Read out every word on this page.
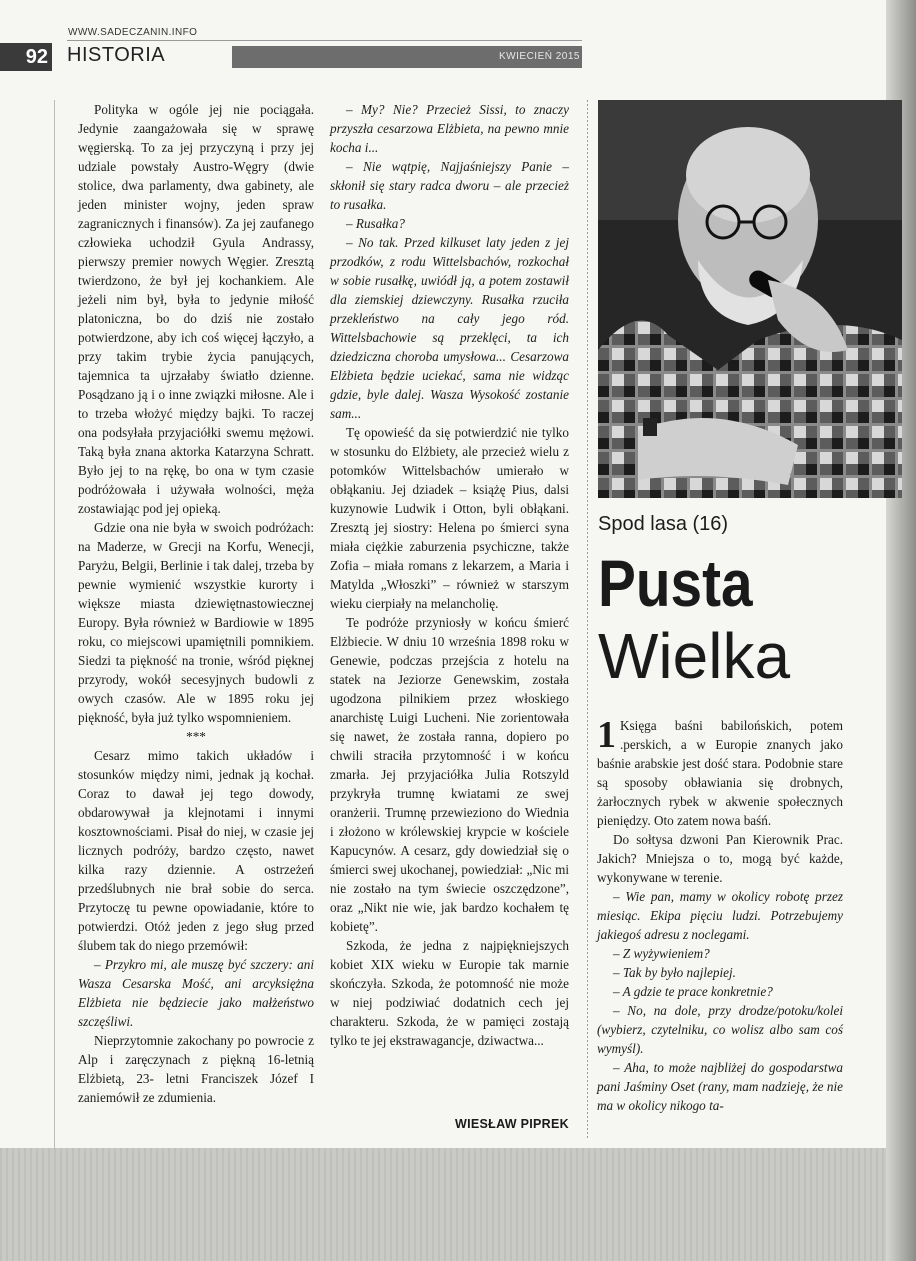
WWW.SADECZANIN.INFO
92 HISTORIA	KWIECIEŃ 2015

Polityka w ogóle jej nie pociągała. Jedynie zaangażowała się w sprawę węgierską. To za jej przyczyną i przy jej udziale powstały Austro-Węgry (dwie stolice, dwa parlamenty, dwa gabinety, ale jeden minister wojny, jeden spraw zagranicznych i finansów). Za jej zaufanego człowieka uchodził Gyula Andrassy, pierwszy premier nowych Węgier. Zresztą twierdzono, że był jej kochankiem. Ale jeżeli nim był, była to jedynie miłość platoniczna, bo do dziś nie zostało potwierdzone, aby ich coś więcej łączyło, a przy takim trybie życia panujących, tajemnica ta ujrzałaby światło dzienne. Posądzano ją i o inne związki miłosne. Ale i to trzeba włożyć między bajki. To raczej ona podsyłała przyjaciółki swemu mężowi. Taką była znana aktorka Katarzyna Schratt. Było jej to na rękę, bo ona w tym czasie podróżowała i używała wolności, męża zostawiając pod jej opieką.

Gdzie ona nie była w swoich podróżach: na Maderze, w Grecji na Korfu, Wenecji, Paryżu, Belgii, Berlinie i tak dalej, trzeba by pewnie wymienić wszystkie kurorty i większe miasta dziewiętnastowiecznej Europy. Była również w Bardiowie w 1895 roku, co miejscowi upamiętnili pomnikiem. Siedzi ta piękność na tronie, wśród pięknej przyrody, wokół secesyjnych budowli z owych czasów. Ale w 1895 roku jej piękność, była już tylko wspomnieniem.

***

Cesarz mimo takich układów i stosunków między nimi, jednak ją kochał. Coraz to dawał jej tego dowody, obdarowywał ja klejnotami i innymi kosztownościami. Pisał do niej, w czasie jej licznych podróży, bardzo często, nawet kilka razy dziennie. A ostrzeżeń przedślubnych nie brał sobie do serca. Przytoczę tu pewne opowiadanie, które to potwierdzi. Otóż jeden z jego sług przed ślubem tak do niego przemówił:

– Przykro mi, ale muszę być szczery: ani Wasza Cesarska Mość, ani arcyksiężna Elżbieta nie będziecie jako małżeństwo szczęśliwi.

Nieprzytomnie zakochany po powrocie z Alp i zaręczynach z piękną 16-letnią Elżbietą, 23- letni Franciszek Józef I zaniemówił ze zdumienia.

– My? Nie? Przecież Sissi, to znaczy przyszła cesarzowa Elżbieta, na pewno mnie kocha i...

– Nie wątpię, Najjaśniejszy Panie – skłonił się stary radca dworu – ale przecież to rusałka.

– Rusałka?

– No tak. Przed kilkuset laty jeden z jej przodków, z rodu Wittelsbachów, rozkochał w sobie rusałkę, uwiódł ją, a potem zostawił dla ziemskiej dziewczyny. Rusałka rzuciła przekleństwo na cały jego ród. Wittelsbachowie są przeklęci, ta ich dziedziczna choroba umysłowa... Cesarzowa Elżbieta będzie uciekać, sama nie widząc gdzie, byle dalej. Wasza Wysokość zostanie sam...

Tę opowieść da się potwierdzić nie tylko w stosunku do Elżbiety, ale przecież wielu z potomków Wittelsbachów umierało w obłąkaniu. Jej dziadek – książę Pius, dalsi kuzynowie Ludwik i Otton, byli obłąkani. Zresztą jej siostry: Helena po śmierci syna miała ciężkie zaburzenia psychiczne, także Zofia – miała romans z lekarzem, a Maria i Matylda „Włoszki” – również w starszym wieku cierpiały na melancholię.

Te podróże przyniosły w końcu śmierć Elżbiecie. W dniu 10 września 1898 roku w Genewie, podczas przejścia z hotelu na statek na Jeziorze Genewskim, została ugodzona pilnikiem przez włoskiego anarchistę Luigi Lucheni. Nie zorientowała się nawet, że została ranna, dopiero po chwili straciła przytomność i w końcu zmarła. Jej przyjaciółka Julia Rotszyld przykryła trumnę kwiatami ze swej oranżerii. Trumnę przewieziono do Wiednia i złożono w królewskiej krypcie w kościele Kapucynów. A cesarz, gdy dowiedział się o śmierci swej ukochanej, powiedział: „Nic mi nie zostało na tym świecie oszczędzone”, oraz „Nikt nie wie, jak bardzo kochałem tę kobietę”.

Szkoda, że jedna z najpiękniejszych kobiet XIX wieku w Europie tak marnie skończyła. Szkoda, że potomność nie może w niej podziwiać dodatnich cech jej charakteru. Szkoda, że w pamięci zostają tylko te jej ekstrawagancje, dziwactwa...

WIESŁAW PIPREK
Spod lasa (16)
Pusta
Wielka

1 Księga baśni babilońskich, potem .perskich, a w Europie znanych jako baśnie arabskie jest dość stara. Podobnie stare są sposoby obławiania się drobnych, żarłocznych rybek w akwenie społecznych pieniędzy. Oto zatem nowa baśń.

Do sołtysa dzwoni Pan Kierownik Prac. Jakich? Mniejsza o to, mogą być każde, wykonywane w terenie.

– Wie pan, mamy w okolicy robotę przez miesiąc. Ekipa pięciu ludzi. Potrzebujemy jakiegoś adresu z noclegami.

– Z wyżywieniem?

– Tak by było najlepiej.

– A gdzie te prace konkretnie?

– No, na dole, przy drodze/potoku/kolei (wybierz, czytelniku, co wolisz albo sam coś wymyśl).

– Aha, to może najbliżej do gospodarstwa pani Jaśminy Oset (rany, mam nadzieję, że nie ma w okolicy nikogo ta-
